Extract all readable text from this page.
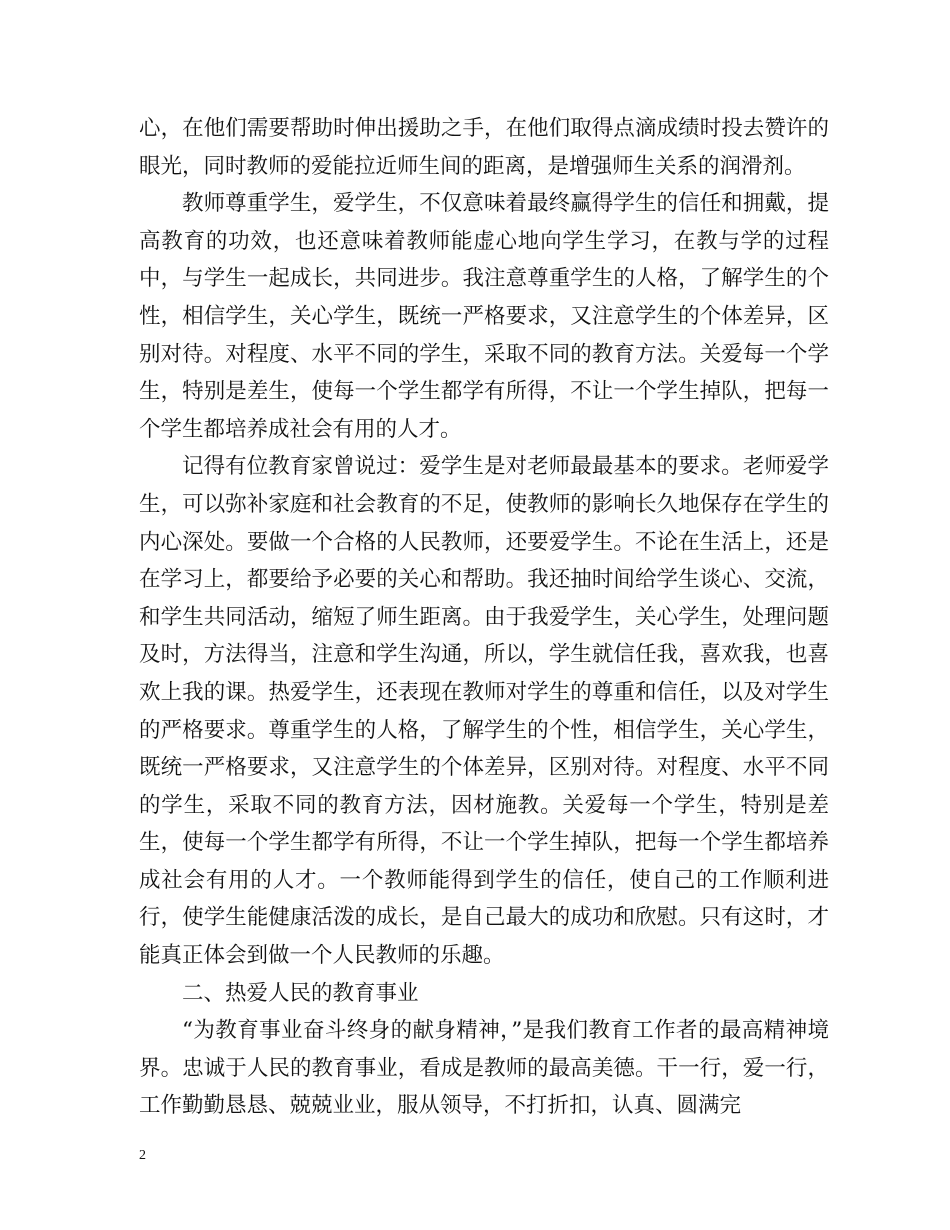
心，在他们需要帮助时伸出援助之手，在他们取得点滴成绩时投去赞许的眼光，同时教师的爱能拉近师生间的距离，是增强师生关系的润滑剂。

教师尊重学生，爱学生，不仅意味着最终赢得学生的信任和拥戴，提高教育的功效，也还意味着教师能虚心地向学生学习，在教与学的过程中，与学生一起成长，共同进步。我注意尊重学生的人格，了解学生的个性，相信学生，关心学生，既统一严格要求，又注意学生的个体差异，区别对待。对程度、水平不同的学生，采取不同的教育方法。关爱每一个学生，特别是差生，使每一个学生都学有所得，不让一个学生掉队，把每一个学生都培养成社会有用的人才。

记得有位教育家曾说过：爱学生是对老师最最基本的要求。老师爱学生，可以弥补家庭和社会教育的不足，使教师的影响长久地保存在学生的内心深处。要做一个合格的人民教师，还要爱学生。不论在生活上，还是在学习上，都要给予必要的关心和帮助。我还抽时间给学生谈心、交流，和学生共同活动，缩短了师生距离。由于我爱学生，关心学生，处理问题及时，方法得当，注意和学生沟通，所以，学生就信任我，喜欢我，也喜欢上我的课。热爱学生，还表现在教师对学生的尊重和信任，以及对学生的严格要求。尊重学生的人格，了解学生的个性，相信学生，关心学生，既统一严格要求，又注意学生的个体差异，区别对待。对程度、水平不同的学生，采取不同的教育方法，因材施教。关爱每一个学生，特别是差生，使每一个学生都学有所得，不让一个学生掉队，把每一个学生都培养成社会有用的人才。一个教师能得到学生的信任，使自己的工作顺利进行，使学生能健康活泼的成长，是自己最大的成功和欣慰。只有这时，才能真正体会到做一个人民教师的乐趣。

二、热爱人民的教育事业

“为教育事业奋斗终身的献身精神，”是我们教育工作者的最高精神境界。忠诚于人民的教育事业，看成是教师的最高美德。干一行，爱一行，工作勤勤恳恳、兢兢业业，服从领导，不打折扣，认真、圆满完

2
